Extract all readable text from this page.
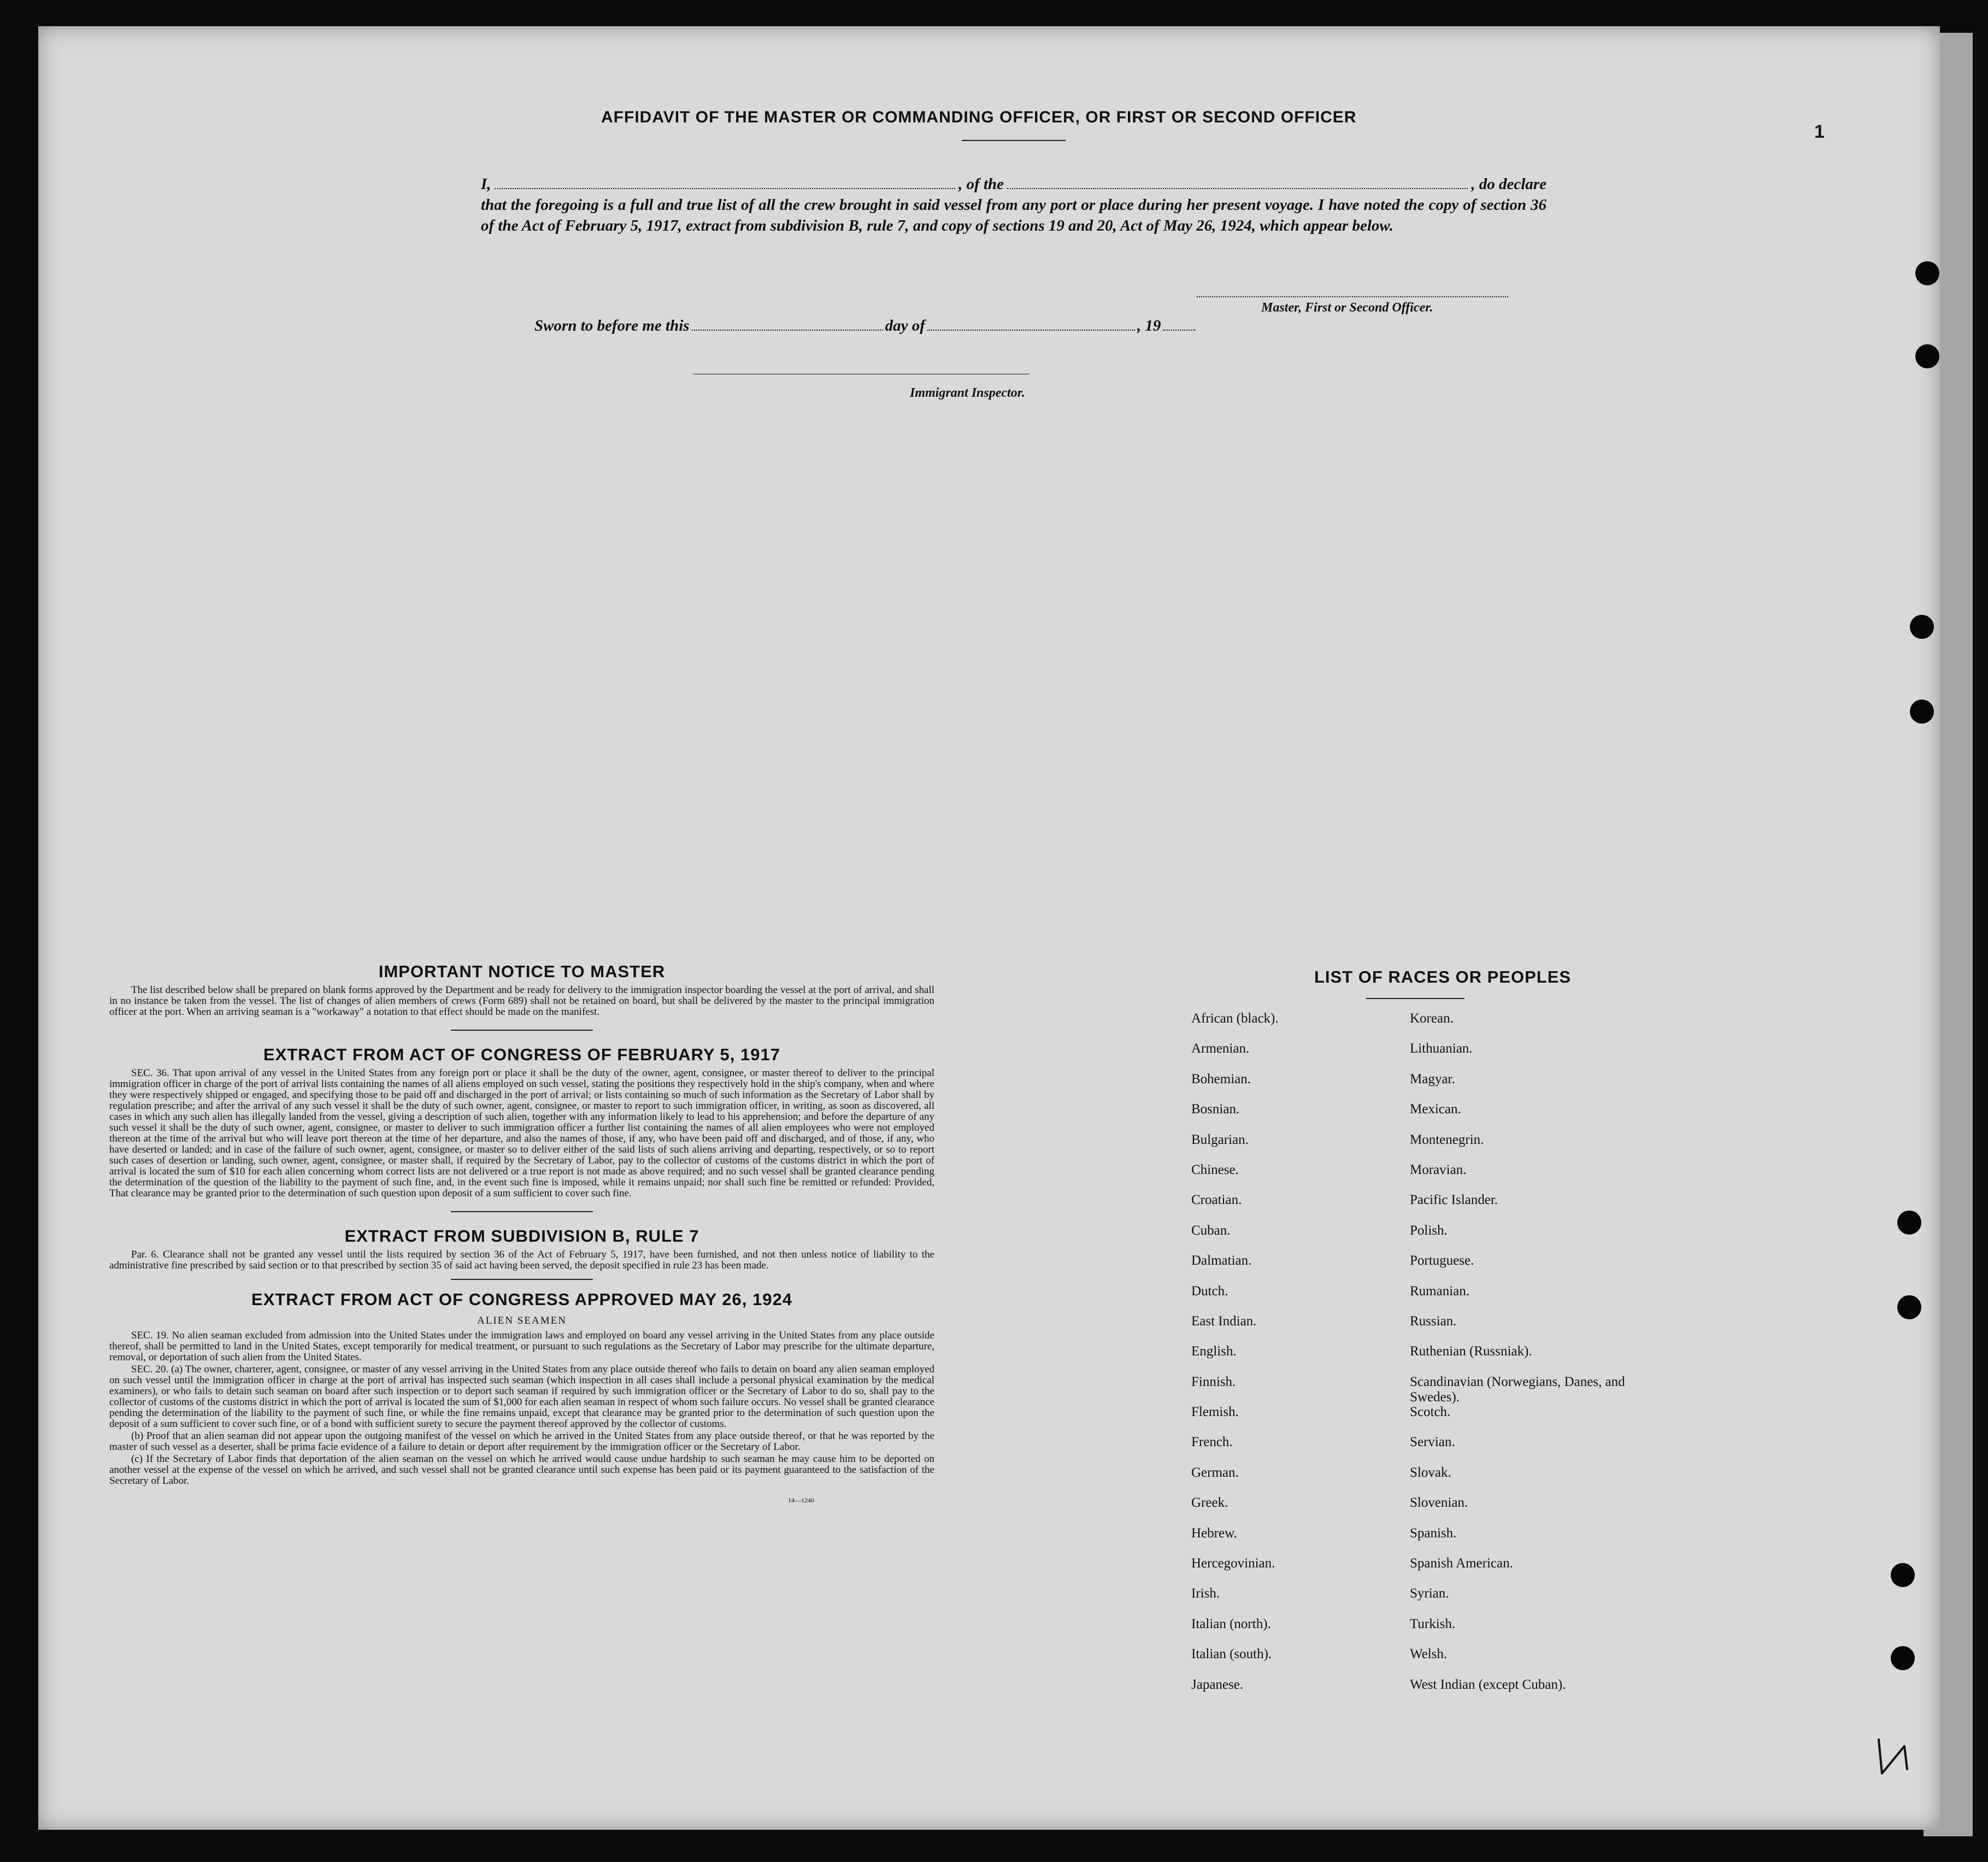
1
AFFIDAVIT OF THE MASTER OR COMMANDING OFFICER, OR FIRST OR SECOND OFFICER
I,	, of the	, do declare
that the foregoing is a full and true list of all the crew brought in said vessel from any port or place during her present voyage. I have noted the copy of section 36 of the Act of February 5, 1917, extract from subdivision B, rule 7, and copy of sections 19 and 20, Act of May 26, 1924, which appear below.
Master, First or Second Officer.
Sworn to before me this	day of	, 19
Immigrant Inspector.

IMPORTANT NOTICE TO MASTER

The list described below shall be prepared on blank forms approved by the Department and be ready for delivery to the immigration inspector boarding the vessel at the port of arrival, and shall in no instance be taken from the vessel. The list of changes of alien members of crews (Form 689) shall not be retained on board, but shall be delivered by the master to the principal immigration officer at the port. When an arriving seaman is a "workaway" a notation to that effect should be made on the manifest.

EXTRACT FROM ACT OF CONGRESS OF FEBRUARY 5, 1917

SEC. 36. That upon arrival of any vessel in the United States from any foreign port or place it shall be the duty of the owner, agent, consignee, or master thereof to deliver to the principal immigration officer in charge of the port of arrival lists containing the names of all aliens employed on such vessel, stating the positions they respectively hold in the ship's company, when and where they were respectively shipped or engaged, and specifying those to be paid off and discharged in the port of arrival; or lists containing so much of such information as the Secretary of Labor shall by regulation prescribe; and after the arrival of any such vessel it shall be the duty of such owner, agent, consignee, or master to report to such immigration officer, in writing, as soon as discovered, all cases in which any such alien has illegally landed from the vessel, giving a description of such alien, together with any information likely to lead to his apprehension; and before the departure of any such vessel it shall be the duty of such owner, agent, consignee, or master to deliver to such immigration officer a further list containing the names of all alien employees who were not employed thereon at the time of the arrival but who will leave port thereon at the time of her departure, and also the names of those, if any, who have been paid off and discharged, and of those, if any, who have deserted or landed; and in case of the failure of such owner, agent, consignee, or master so to deliver either of the said lists of such aliens arriving and departing, respectively, or so to report such cases of desertion or landing, such owner, agent, consignee, or master shall, if required by the Secretary of Labor, pay to the collector of customs of the customs district in which the port of arrival is located the sum of $10 for each alien concerning whom correct lists are not delivered or a true report is not made as above required; and no such vessel shall be granted clearance pending the determination of the question of the liability to the payment of such fine, and, in the event such fine is imposed, while it remains unpaid; nor shall such fine be remitted or refunded: Provided, That clearance may be granted prior to the determination of such question upon deposit of a sum sufficient to cover such fine.

EXTRACT FROM SUBDIVISION B, RULE 7

Par. 6. Clearance shall not be granted any vessel until the lists required by section 36 of the Act of February 5, 1917, have been furnished, and not then unless notice of liability to the administrative fine prescribed by said section or to that prescribed by section 35 of said act having been served, the deposit specified in rule 23 has been made.

EXTRACT FROM ACT OF CONGRESS APPROVED MAY 26, 1924
ALIEN SEAMEN

SEC. 19. No alien seaman excluded from admission into the United States under the immigration laws and employed on board any vessel arriving in the United States from any place outside thereof, shall be permitted to land in the United States, except temporarily for medical treatment, or pursuant to such regulations as the Secretary of Labor may prescribe for the ultimate departure, removal, or deportation of such alien from the United States.

SEC. 20. (a) The owner, charterer, agent, consignee, or master of any vessel arriving in the United States from any place outside thereof who fails to detain on board any alien seaman employed on such vessel until the immigration officer in charge at the port of arrival has inspected such seaman (which inspection in all cases shall include a personal physical examination by the medical examiners), or who fails to detain such seaman on board after such inspection or to deport such seaman if required by such immigration officer or the Secretary of Labor to do so, shall pay to the collector of customs of the customs district in which the port of arrival is located the sum of $1,000 for each alien seaman in respect of whom such failure occurs. No vessel shall be granted clearance pending the determination of the liability to the payment of such fine, or while the fine remains unpaid, except that clearance may be granted prior to the determination of such question upon the deposit of a sum sufficient to cover such fine, or of a bond with sufficient surety to secure the payment thereof approved by the collector of customs.

(b) Proof that an alien seaman did not appear upon the outgoing manifest of the vessel on which he arrived in the United States from any place outside thereof, or that he was reported by the master of such vessel as a deserter, shall be prima facie evidence of a failure to detain or deport after requirement by the immigration officer or the Secretary of Labor.

(c) If the Secretary of Labor finds that deportation of the alien seaman on the vessel on which he arrived would cause undue hardship to such seaman he may cause him to be deported on another vessel at the expense of the vessel on which he arrived, and such vessel shall not be granted clearance until such expense has been paid or its payment guaranteed to the satisfaction of the Secretary of Labor.

14—1240
LIST OF RACES OR PEOPLES
African (black).	Korean.
Armenian.	Lithuanian.
Bohemian.	Magyar.
Bosnian.	Mexican.
Bulgarian.	Montenegrin.
Chinese.	Moravian.
Croatian.	Pacific Islander.
Cuban.	Polish.
Dalmatian.	Portuguese.
Dutch.	Rumanian.
East Indian.	Russian.
English.	Ruthenian (Russniak).
Finnish.	Scandinavian (Norwegians, Danes, and Swedes).
Flemish.	Scotch.
French.	Servian.
German.	Slovak.
Greek.	Slovenian.
Hebrew.	Spanish.
Hercegovinian.	Spanish American.
Irish.	Syrian.
Italian (north).	Turkish.
Italian (south).	Welsh.
Japanese.	West Indian (except Cuban).
